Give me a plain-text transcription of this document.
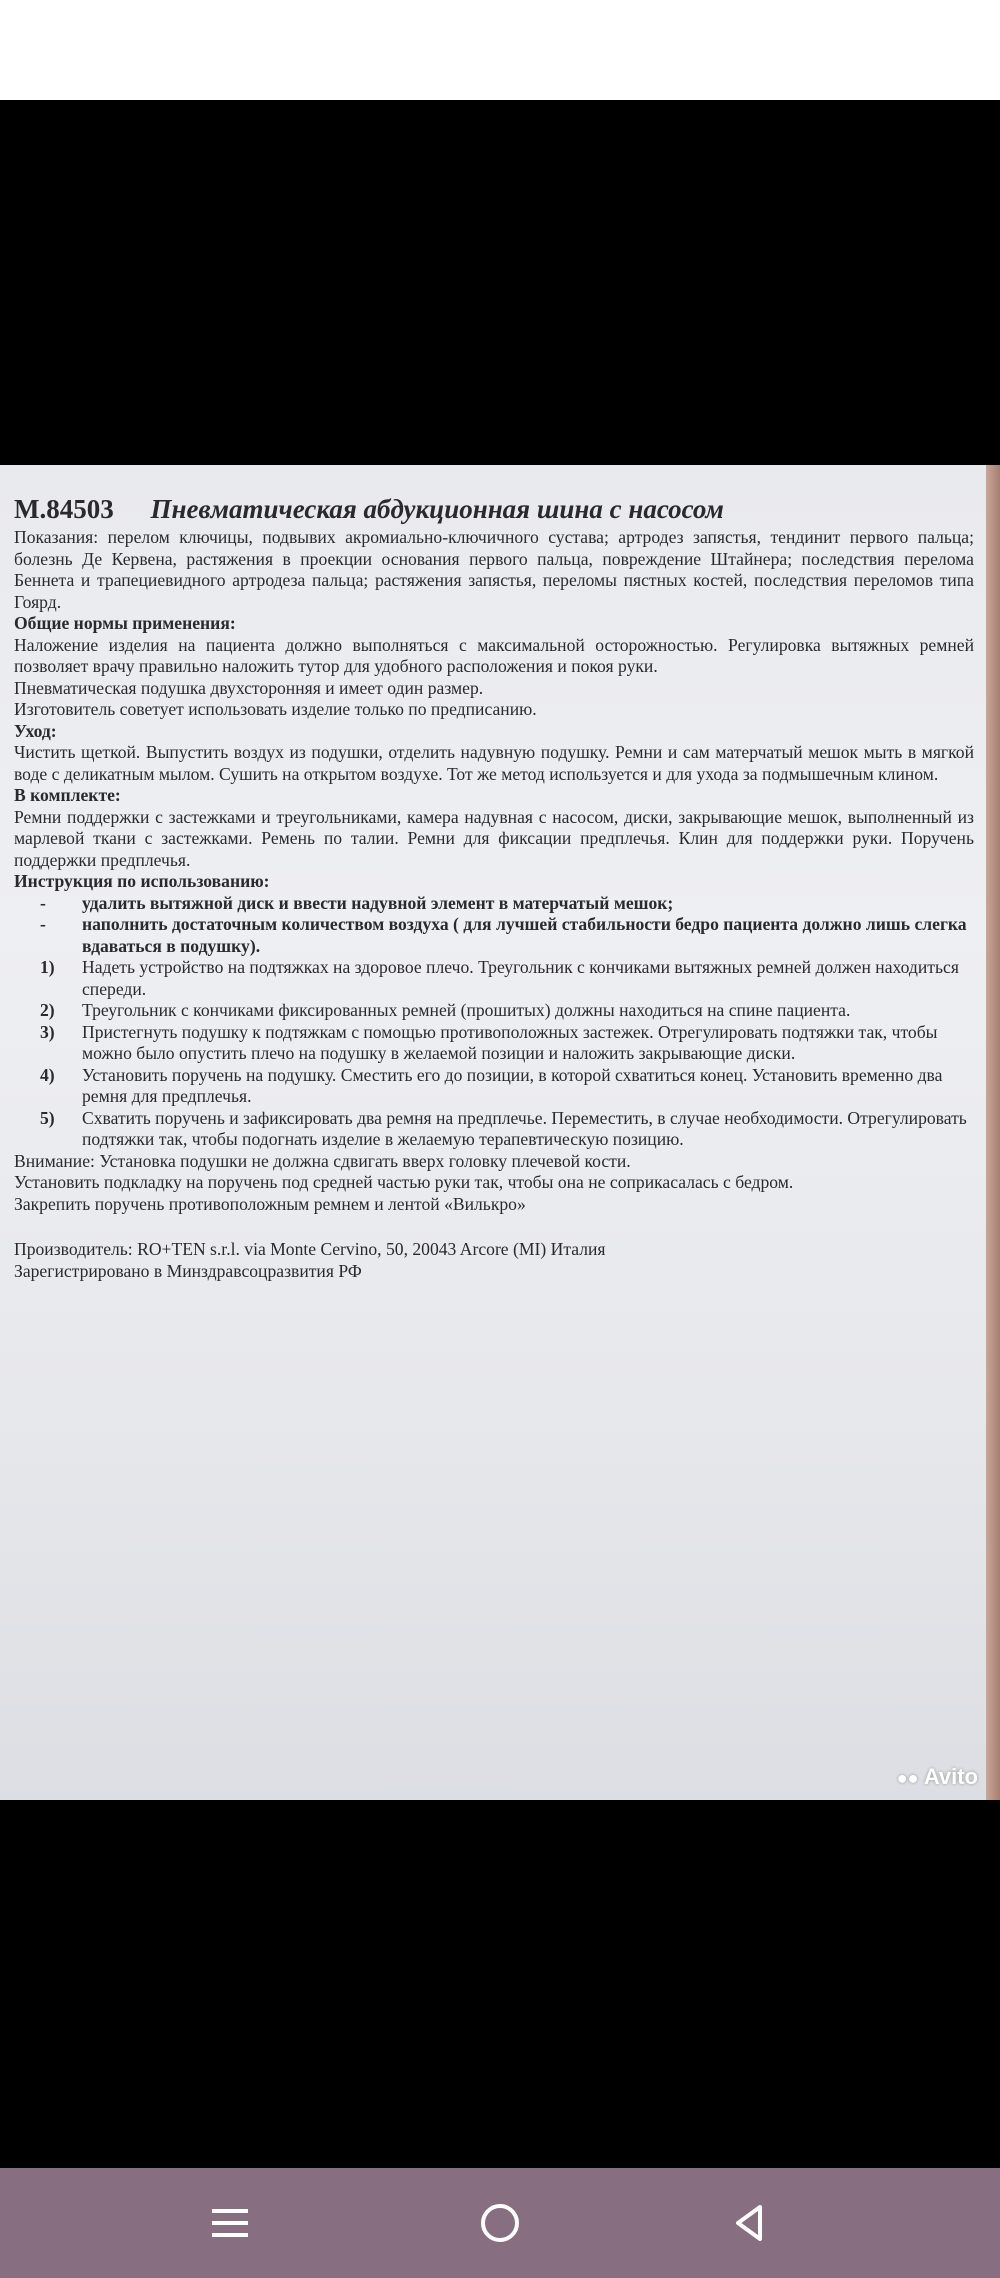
M.84503 Пневматическая абдукционная шина с насосом

Показания: перелом ключицы, подвывих акромиально-ключичного сустава; артродез запястья, тендинит первого пальца; болезнь Де Кервена, растяжения в проекции основания первого пальца, повреждение Штайнера; последствия перелома Беннета и трапециевидного артродеза пальца; растяжения запястья, переломы пястных костей, последствия переломов типа Гоярд.

Общие нормы применения:

Наложение изделия на пациента должно выполняться с максимальной осторожностью. Регулировка вытяжных ремней позволяет врачу правильно наложить тутор для удобного расположения и покоя руки.

Пневматическая подушка двухсторонняя и имеет один размер.

Изготовитель советует использовать изделие только по предписанию.

Уход:

Чистить щеткой. Выпустить воздух из подушки, отделить надувную подушку. Ремни и сам матерчатый мешок мыть в мягкой воде с деликатным мылом. Сушить на открытом воздухе. Тот же метод используется и для ухода за подмышечным клином.

В комплекте:

Ремни поддержки с застежками и треугольниками, камера надувная с насосом, диски, закрывающие мешок, выполненный из марлевой ткани с застежками. Ремень по талии. Ремни для фиксации предплечья. Клин для поддержки руки. Поручень поддержки предплечья.

Инструкция по использованию:

- удалить вытяжной диск и ввести надувной элемент в матерчатый мешок;
- наполнить достаточным количеством воздуха ( для лучшей стабильности бедро пациента должно лишь слегка вдаваться в подушку).
1) Надеть устройство на подтяжках на здоровое плечо. Треугольник с кончиками вытяжных ремней должен находиться спереди.
2) Треугольник с кончиками фиксированных ремней (прошитых) должны находиться на спине пациента.
3) Пристегнуть подушку к подтяжкам с помощью противоположных застежек. Отрегулировать подтяжки так, чтобы можно было опустить плечо на подушку в желаемой позиции и наложить закрывающие диски.
4) Установить поручень на подушку. Сместить его до позиции, в которой схватиться конец. Установить временно два ремня для предплечья.
5) Схватить поручень и зафиксировать два ремня на предплечье. Переместить, в случае необходимости. Отрегулировать подтяжки так, чтобы подогнать изделие в желаемую терапевтическую позицию.

Внимание: Установка подушки не должна сдвигать вверх головку плечевой кости.

Установить подкладку на поручень под средней частью руки так, чтобы она не соприкасалась с бедром.

Закрепить поручень противоположным ремнем и лентой «Вилькро»

Производитель: RO+TEN s.r.l. via Monte Cervino, 50, 20043 Arcore (MI) Италия

Зарегистрировано в Минздравсоцразвития РФ

●● Avito
